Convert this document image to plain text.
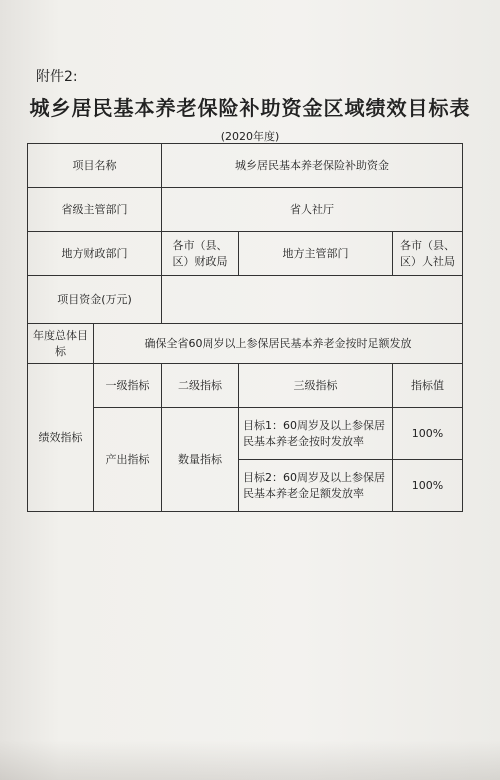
附件2:
城乡居民基本养老保险补助资金区域绩效目标表
(2020年度)
项目名称		城乡居民基本养老保险补助资金		
省级主管部门		省人社厅		
地方财政部门		各市（县、区）财政局	地方主管部门	各市（县、区）人社局
项目资金(万元)				
年度总体目标	确保全省60周岁以上参保居民基本养老金按时足额发放			
绩效指标	一级指标	二级指标	三级指标	指标值
	产出指标	数量指标	目标1：60周岁及以上参保居民基本养老金按时发放率	100%
			目标2：60周岁及以上参保居民基本养老金足额发放率	100%
